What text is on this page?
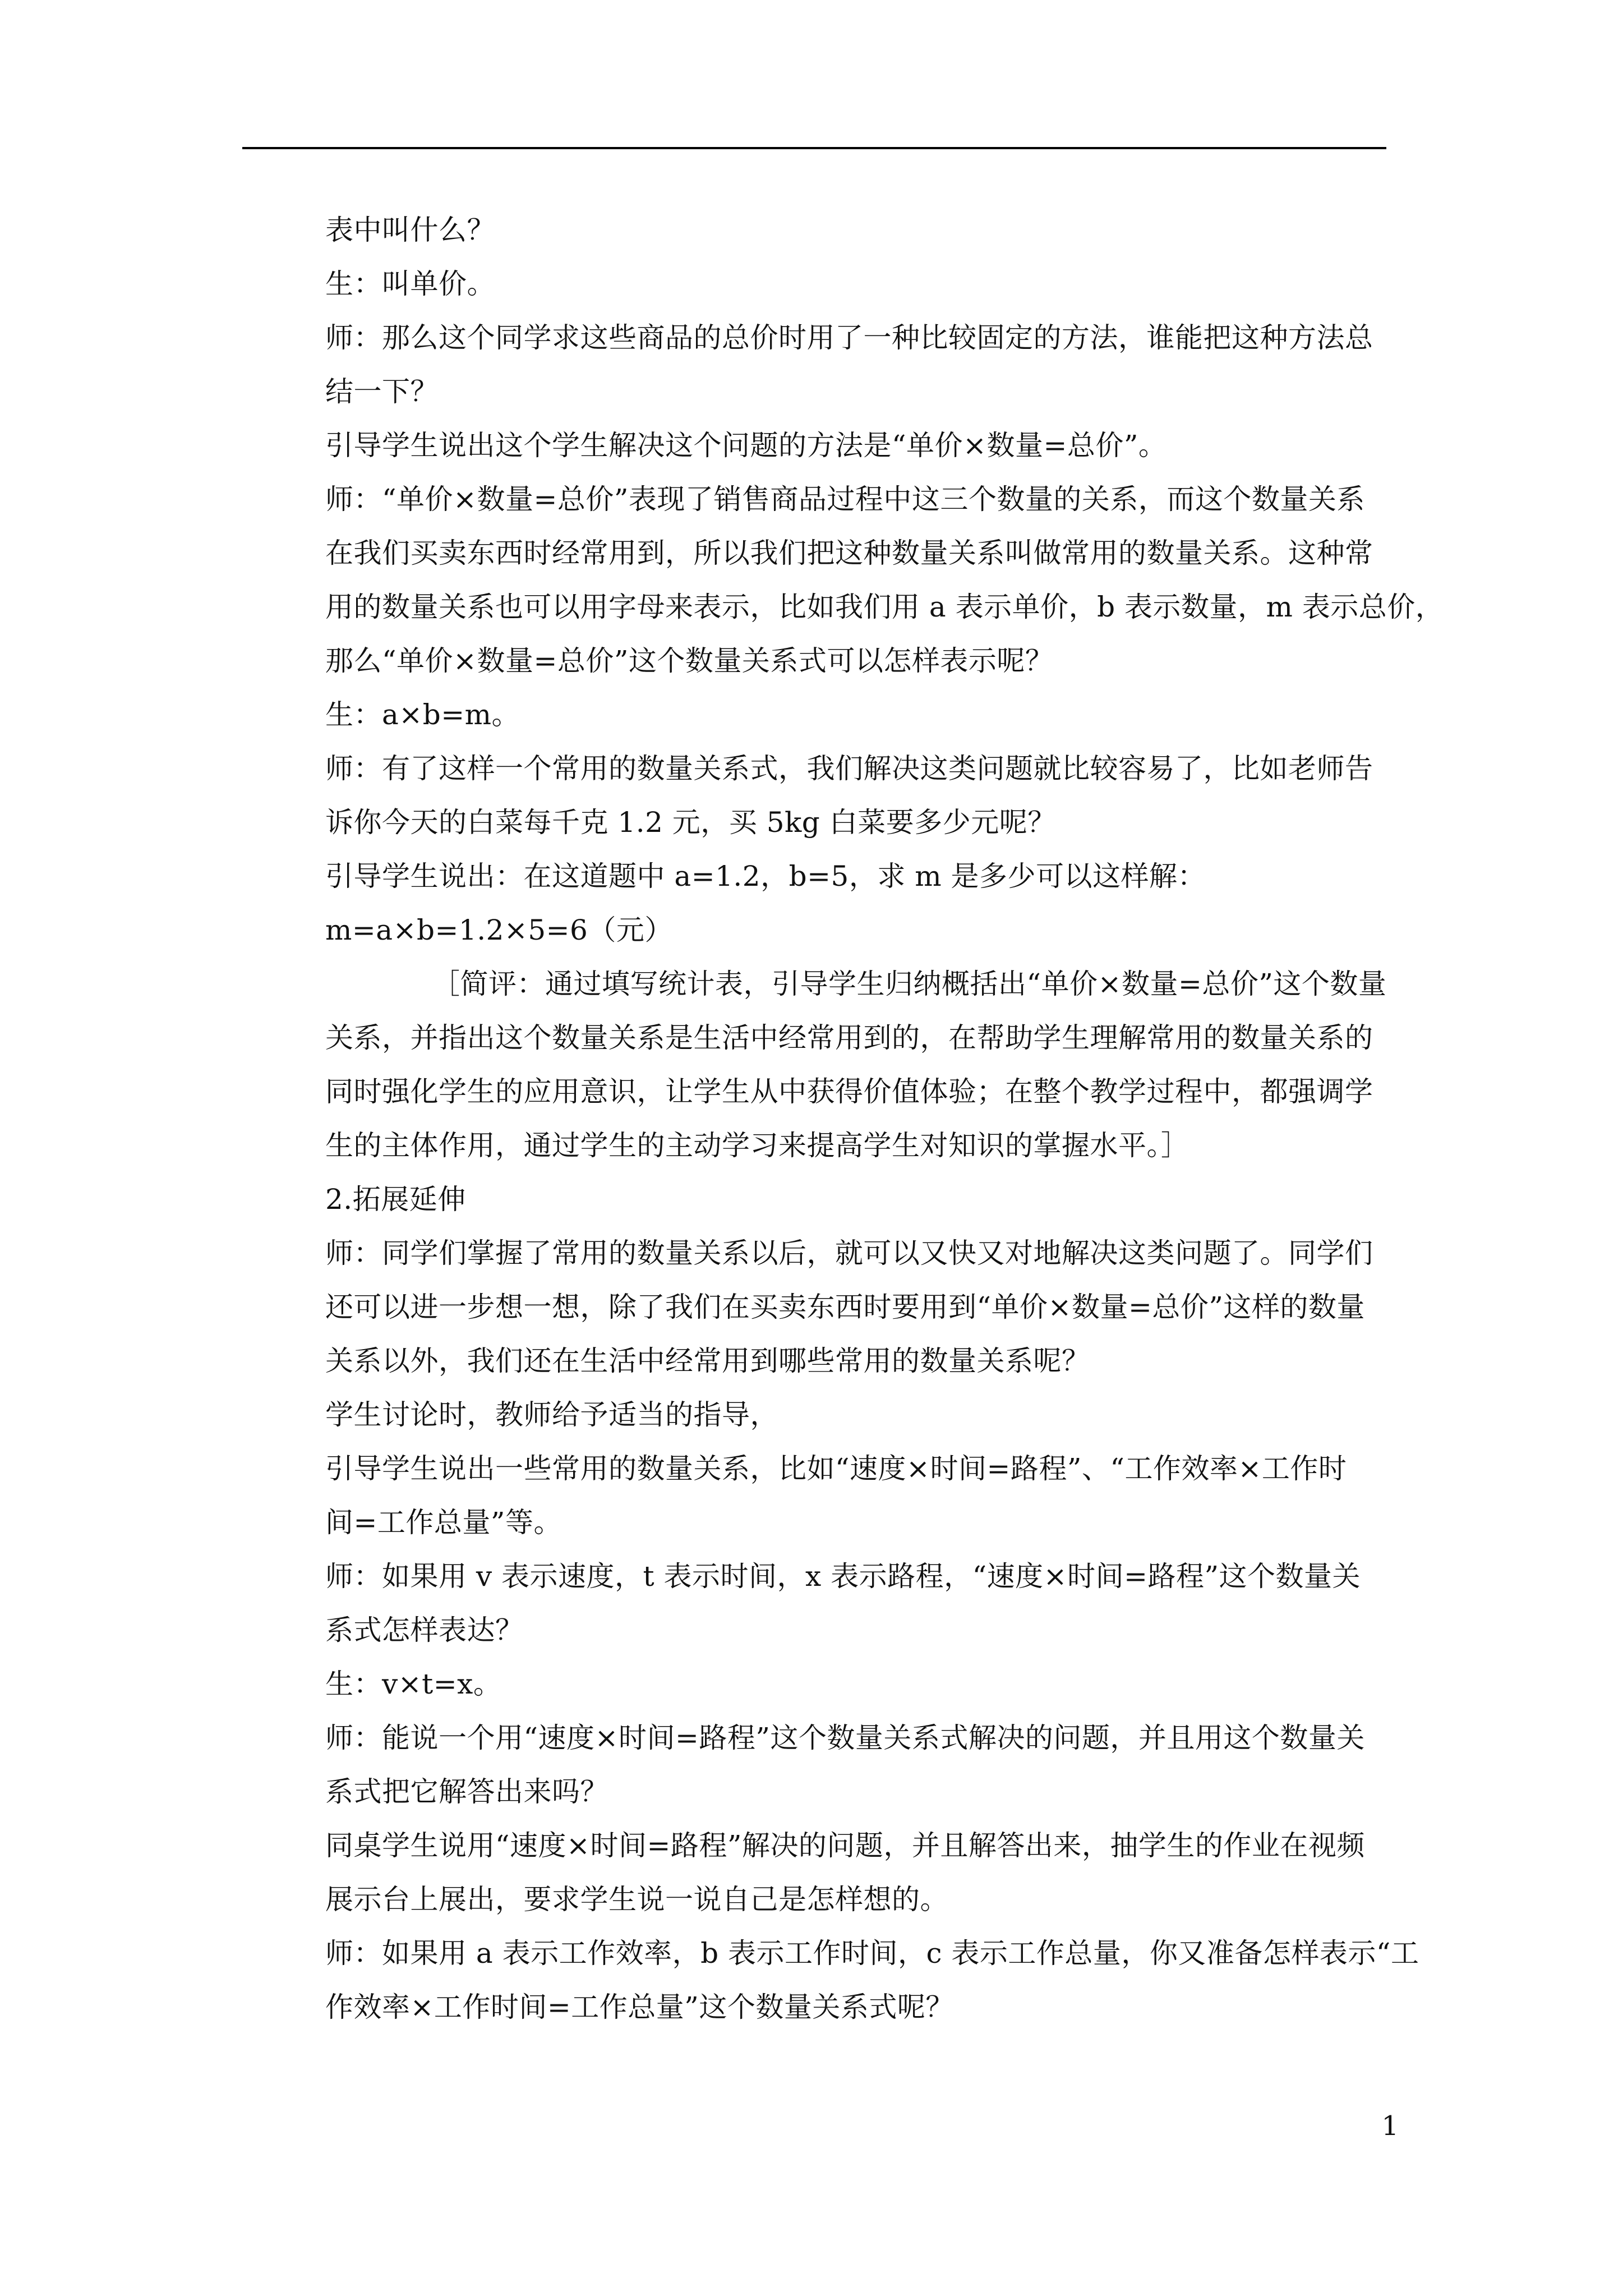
表中叫什么？
生：叫单价。
师：那么这个同学求这些商品的总价时用了一种比较固定的方法，谁能把这种方法总
结一下？
引导学生说出这个学生解决这个问题的方法是“单价×数量=总价”。
师：“单价×数量=总价”表现了销售商品过程中这三个数量的关系，而这个数量关系
在我们买卖东西时经常用到，所以我们把这种数量关系叫做常用的数量关系。这种常
用的数量关系也可以用字母来表示，比如我们用 a 表示单价，b 表示数量，m 表示总价，
那么“单价×数量=总价”这个数量关系式可以怎样表示呢？
生：a×b=m。
师：有了这样一个常用的数量关系式，我们解决这类问题就比较容易了，比如老师告
诉你今天的白菜每千克 1.2 元，买 5kg 白菜要多少元呢？
引导学生说出：在这道题中 a=1.2，b=5，求 m 是多少可以这样解：
m=a×b=1.2×5=6（元）
［简评：通过填写统计表，引导学生归纳概括出“单价×数量=总价”这个数量
关系，并指出这个数量关系是生活中经常用到的，在帮助学生理解常用的数量关系的
同时强化学生的应用意识，让学生从中获得价值体验；在整个教学过程中，都强调学
生的主体作用，通过学生的主动学习来提高学生对知识的掌握水平。］
2.拓展延伸
师：同学们掌握了常用的数量关系以后，就可以又快又对地解决这类问题了。同学们
还可以进一步想一想，除了我们在买卖东西时要用到“单价×数量=总价”这样的数量
关系以外，我们还在生活中经常用到哪些常用的数量关系呢？
学生讨论时，教师给予适当的指导，
引导学生说出一些常用的数量关系，比如“速度×时间=路程”、“工作效率×工作时
间=工作总量”等。
师：如果用 v 表示速度，t 表示时间，x 表示路程，“速度×时间=路程”这个数量关
系式怎样表达？
生：v×t=x。
师：能说一个用“速度×时间=路程”这个数量关系式解决的问题，并且用这个数量关
系式把它解答出来吗？
同桌学生说用“速度×时间=路程”解决的问题，并且解答出来，抽学生的作业在视频
展示台上展出，要求学生说一说自己是怎样想的。
师：如果用 a 表示工作效率，b 表示工作时间，c 表示工作总量，你又准备怎样表示“工
作效率×工作时间=工作总量”这个数量关系式呢？
1
